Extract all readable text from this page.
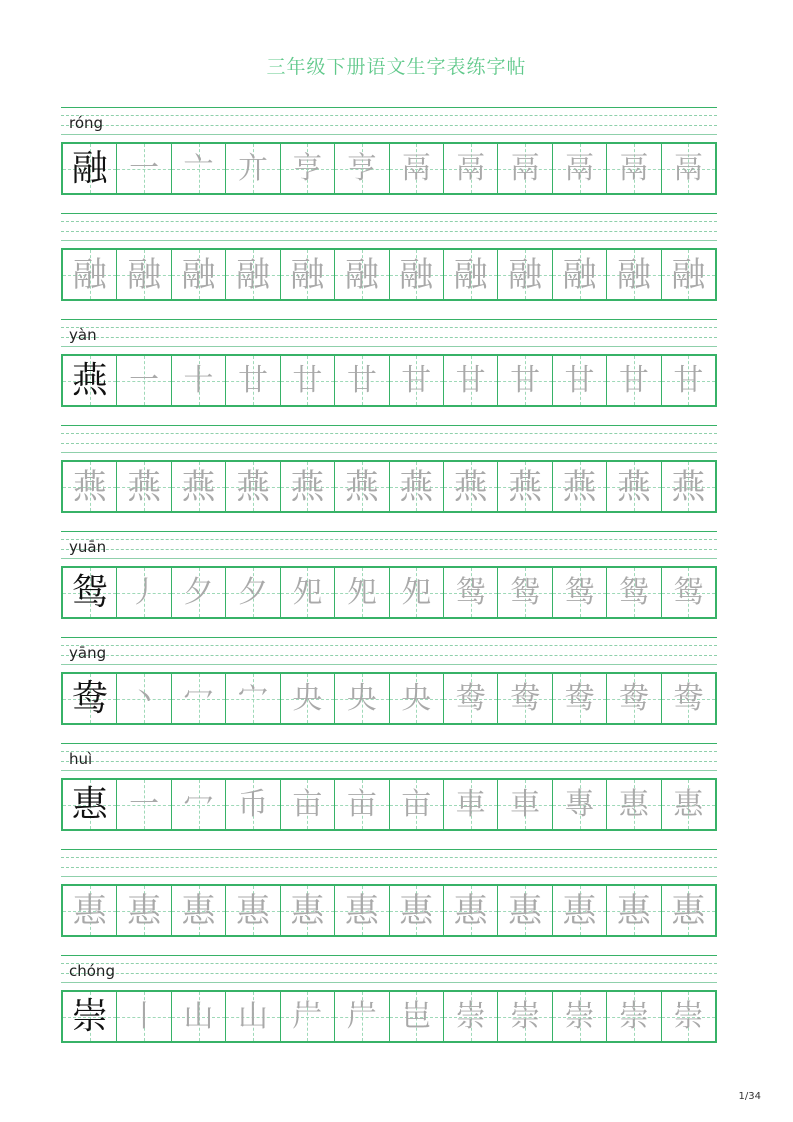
三年级下册语文生字表练字帖
róng
融 一 亠 亣 亨 亨 鬲 鬲 鬲 鬲 鬲 鬲
融 融 融 融 融 融 融 融 融 融 融 融
yàn
燕 一 十 廿 廿 廿 甘 甘 甘 甘 甘 甘
燕 燕 燕 燕 燕 燕 燕 燕 燕 燕 燕 燕
yuān
鸳 丿 夕 夕 夗 夗 夗 鸳 鸳 鸳 鸳 鸳
yāng
鸯 丶 冖 宀 央 央 央 鸯 鸯 鸯 鸯 鸯
huì
惠 一 冖 币 亩 亩 亩 車 車 專 惠 惠
惠 惠 惠 惠 惠 惠 惠 惠 惠 惠 惠 惠
chóng
崇 丨 山 山 屵 屵 岜 崇 崇 崇 崇 崇
1/34
